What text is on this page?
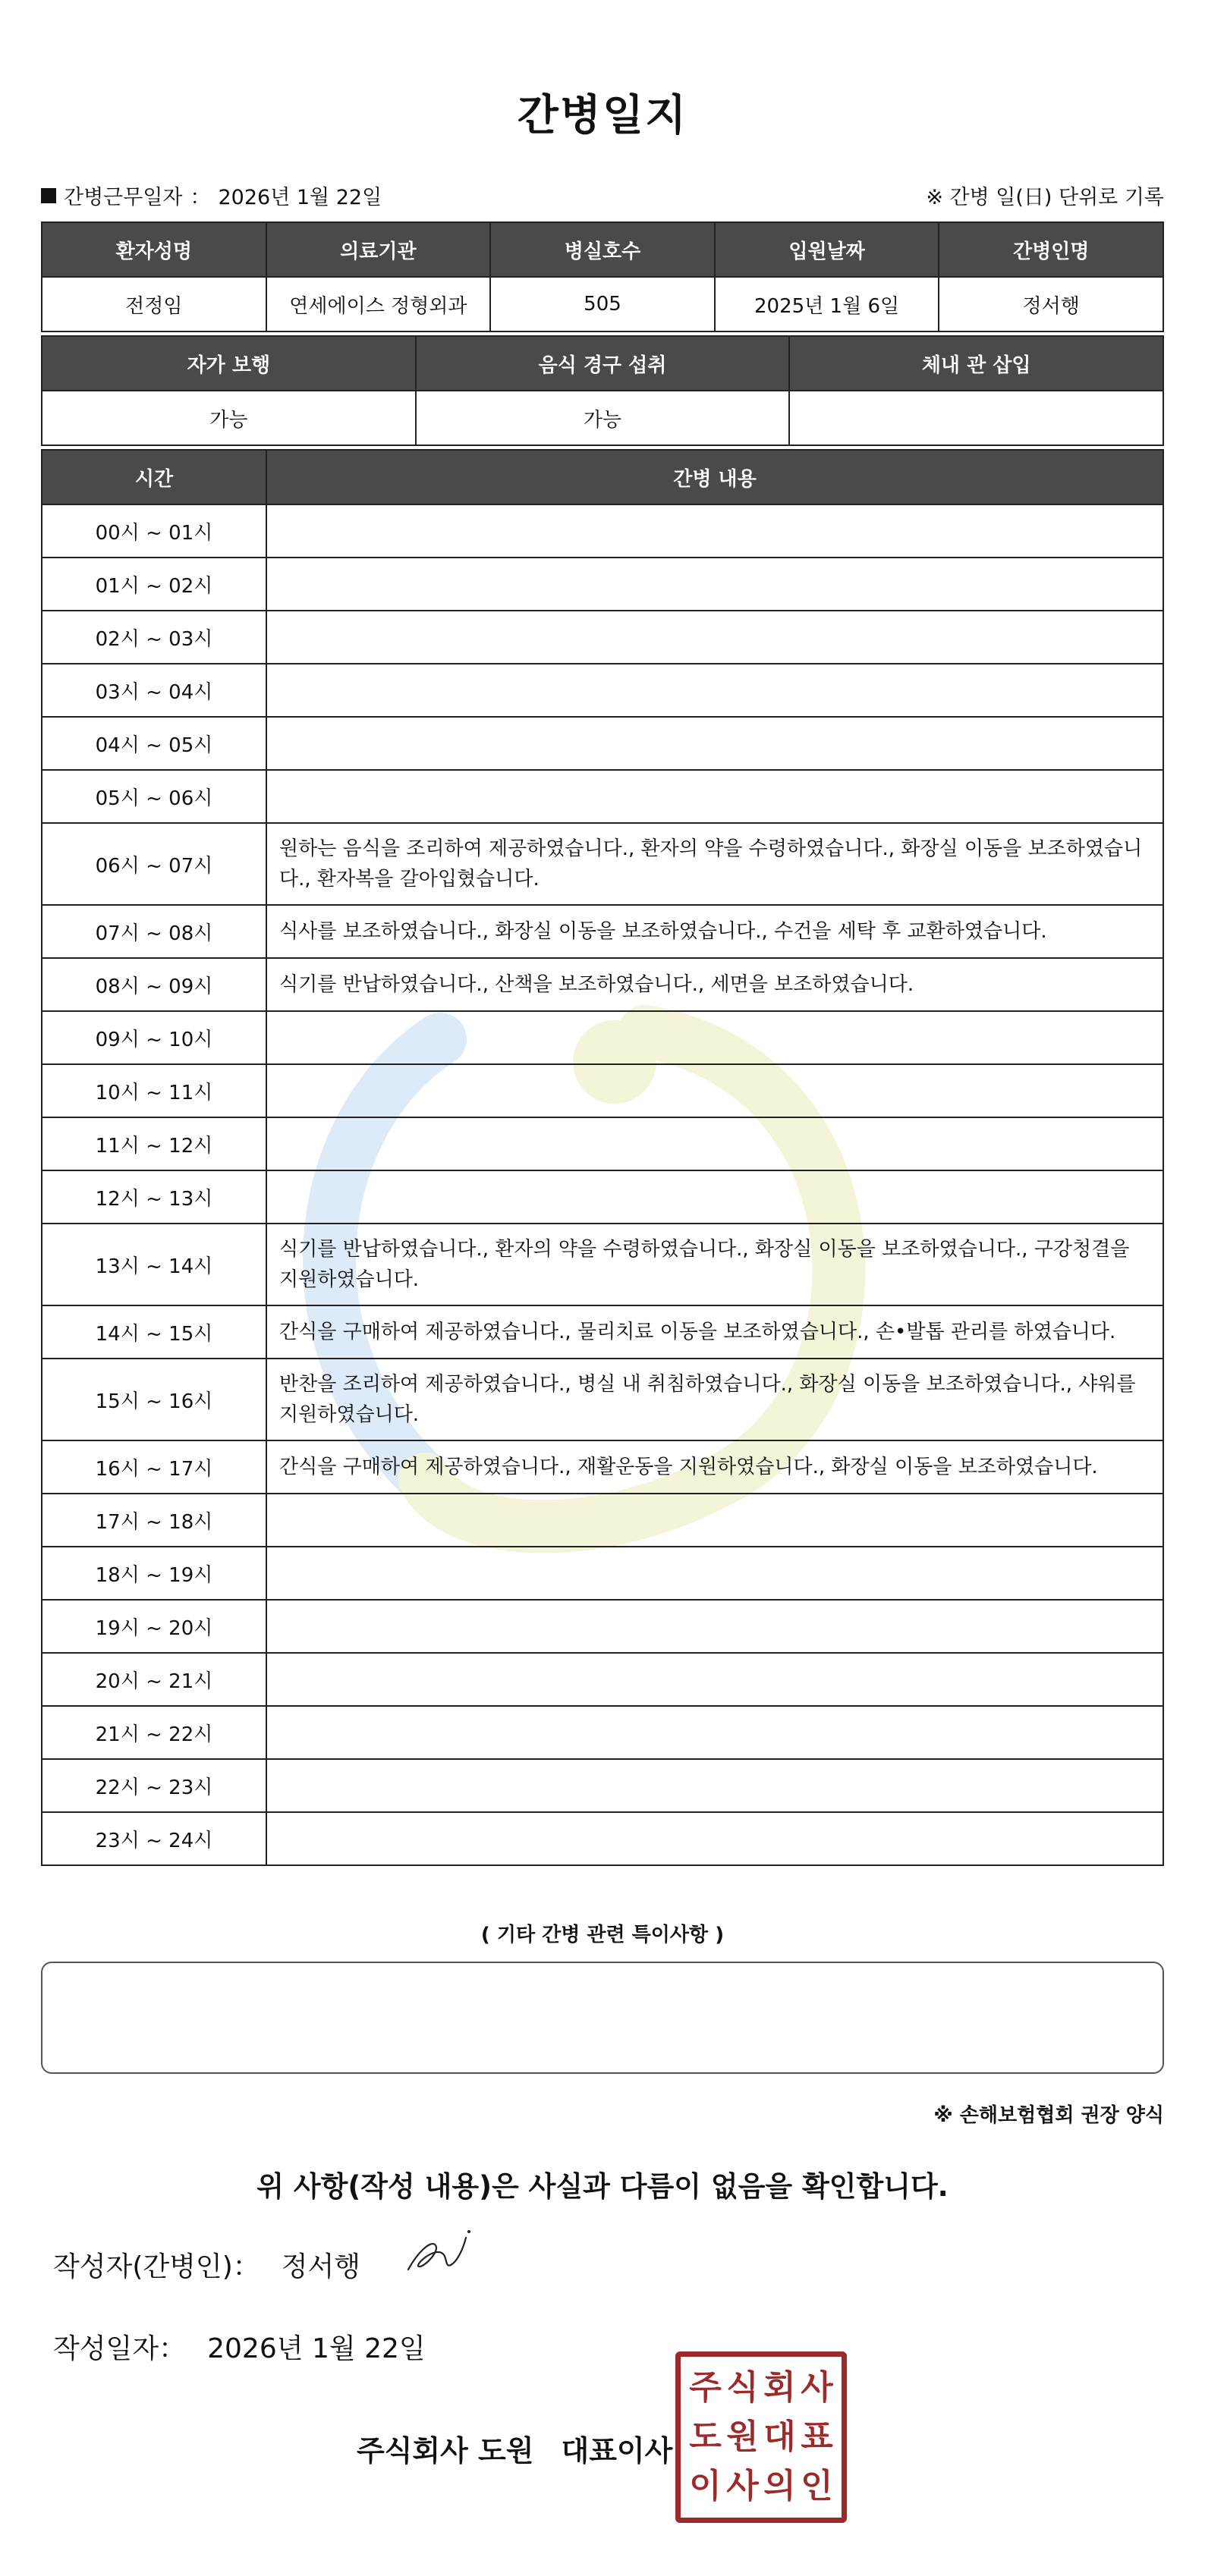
간병일지
간병근무일자 ： 2026년 1월 22일	※ 간병 일(日) 단위로 기록
환자성명	의료기관	병실호수	입원날짜	간병인명
전정임	연세에이스 정형외과	505	2025년 1월 6일	정서행
자가 보행	음식 경구 섭취	체내 관 삽입
가능	가능	
시간	간병 내용
00시 ~ 01시	
01시 ~ 02시	
02시 ~ 03시	
03시 ~ 04시	
04시 ~ 05시	
05시 ~ 06시	
06시 ~ 07시	원하는 음식을 조리하여 제공하였습니다., 환자의 약을 수령하였습니다., 화장실 이동을 보조하였습니다., 환자복을 갈아입혔습니다.
07시 ~ 08시	식사를 보조하였습니다., 화장실 이동을 보조하였습니다., 수건을 세탁 후 교환하였습니다.
08시 ~ 09시	식기를 반납하였습니다., 산책을 보조하였습니다., 세면을 보조하였습니다.
09시 ~ 10시	
10시 ~ 11시	
11시 ~ 12시	
12시 ~ 13시	
13시 ~ 14시	식기를 반납하였습니다., 환자의 약을 수령하였습니다., 화장실 이동을 보조하였습니다., 구강청결을 지원하였습니다.
14시 ~ 15시	간식을 구매하여 제공하였습니다., 물리치료 이동을 보조하였습니다., 손•발톱 관리를 하였습니다.
15시 ~ 16시	반찬을 조리하여 제공하였습니다., 병실 내 취침하였습니다., 화장실 이동을 보조하였습니다., 샤워를 지원하였습니다.
16시 ~ 17시	간식을 구매하여 제공하였습니다., 재활운동을 지원하였습니다., 화장실 이동을 보조하였습니다.
17시 ~ 18시	
18시 ~ 19시	
19시 ~ 20시	
20시 ~ 21시	
21시 ~ 22시	
22시 ~ 23시	
23시 ~ 24시	
( 기타 간병 관련 특이사항 )
※ 손해보험협회 권장 양식
위 사항(작성 내용)은 사실과 다름이 없음을 확인합니다.
작성자(간병인)： 정서행
작성일자： 2026년 1월 22일
주식회사 도원 대표이사
주 식 회 사
도 원 대 표
이 사 의 인
